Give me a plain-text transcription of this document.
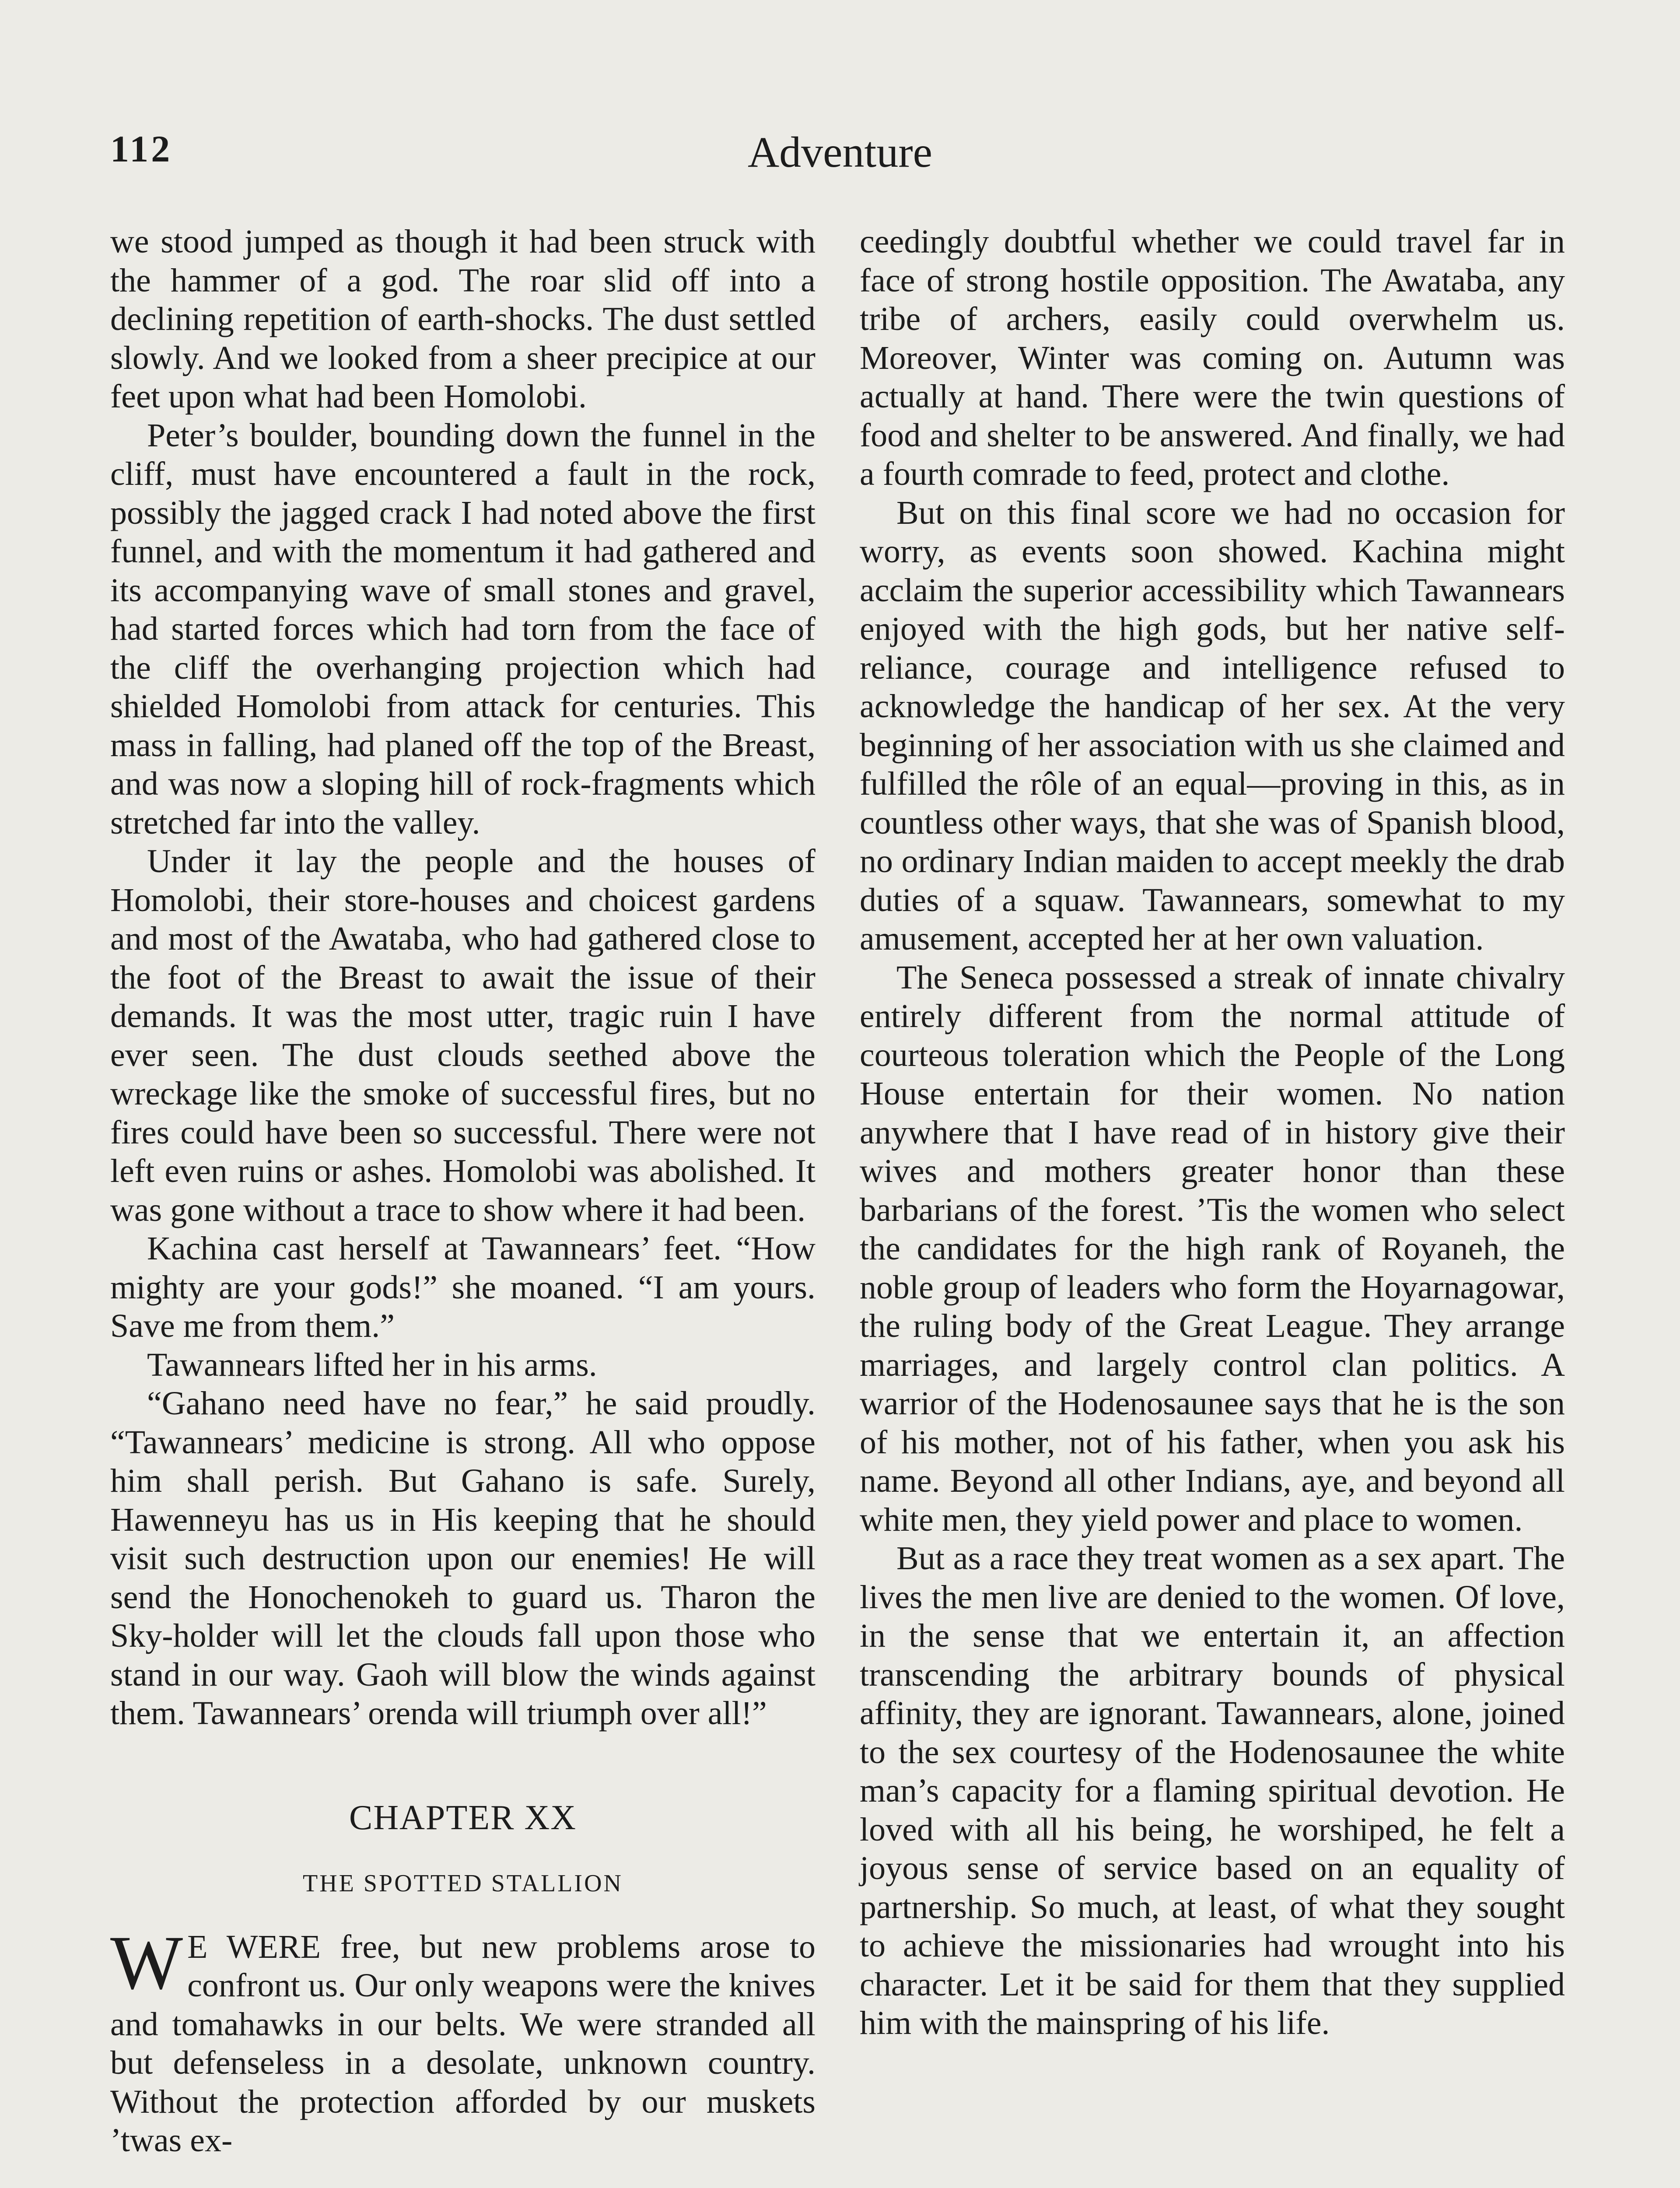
112	Adventure

we stood jumped as though it had been struck with the hammer of a god. The roar slid off into a declining repetition of earth-shocks. The dust settled slowly. And we looked from a sheer precipice at our feet upon what had been Homolobi.

Peter’s boulder, bounding down the funnel in the cliff, must have encountered a fault in the rock, possibly the jagged crack I had noted above the first funnel, and with the momentum it had gathered and its accompanying wave of small stones and gravel, had started forces which had torn from the face of the cliff the overhanging projection which had shielded Homolobi from attack for centuries. This mass in falling, had planed off the top of the Breast, and was now a sloping hill of rock-fragments which stretched far into the valley.

Under it lay the people and the houses of Homolobi, their store-houses and choicest gardens and most of the Awataba, who had gathered close to the foot of the Breast to await the issue of their demands. It was the most utter, tragic ruin I have ever seen. The dust clouds seethed above the wreckage like the smoke of successful fires, but no fires could have been so successful. There were not left even ruins or ashes. Homolobi was abolished. It was gone without a trace to show where it had been.

Kachina cast herself at Tawannears’ feet. “How mighty are your gods!” she moaned. “I am yours. Save me from them.”

Tawannears lifted her in his arms.

“Gahano need have no fear,” he said proudly. “Tawannears’ medicine is strong. All who oppose him shall perish. But Gahano is safe. Surely, Hawenneyu has us in His keeping that he should visit such destruction upon our enemies! He will send the Honochenokeh to guard us. Tharon the Sky-holder will let the clouds fall upon those who stand in our way. Gaoh will blow the winds against them. Tawannears’ orenda will triumph over all!”

CHAPTER XX
THE SPOTTED STALLION

W E WERE free, but new problems arose to confront us. Our only weapons were the knives and tomahawks in our belts. We were stranded all but defenseless in a desolate, unknown country. Without the protection afforded by our muskets ’twas ex-

ceedingly doubtful whether we could travel far in face of strong hostile opposition. The Awataba, any tribe of archers, easily could overwhelm us. Moreover, Winter was coming on. Autumn was actually at hand. There were the twin questions of food and shelter to be answered. And finally, we had a fourth comrade to feed, protect and clothe.

But on this final score we had no occasion for worry, as events soon showed. Kachina might acclaim the superior accessibility which Tawannears enjoyed with the high gods, but her native self-reliance, courage and intelligence refused to acknowledge the handicap of her sex. At the very beginning of her association with us she claimed and fulfilled the rôle of an equal—proving in this, as in countless other ways, that she was of Spanish blood, no ordinary Indian maiden to accept meekly the drab duties of a squaw. Tawannears, somewhat to my amusement, accepted her at her own valuation.

The Seneca possessed a streak of innate chivalry entirely different from the normal attitude of courteous toleration which the People of the Long House entertain for their women. No nation anywhere that I have read of in history give their wives and mothers greater honor than these barbarians of the forest. ’Tis the women who select the candidates for the high rank of Royaneh, the noble group of leaders who form the Hoyarnagowar, the ruling body of the Great League. They arrange marriages, and largely control clan politics. A warrior of the Hodenosaunee says that he is the son of his mother, not of his father, when you ask his name. Beyond all other Indians, aye, and beyond all white men, they yield power and place to women.

But as a race they treat women as a sex apart. The lives the men live are denied to the women. Of love, in the sense that we entertain it, an affection transcending the arbitrary bounds of physical affinity, they are ignorant. Tawannears, alone, joined to the sex courtesy of the Hodenosaunee the white man’s capacity for a flaming spiritual devotion. He loved with all his being, he worshiped, he felt a joyous sense of service based on an equality of partnership. So much, at least, of what they sought to achieve the missionaries had wrought into his character. Let it be said for them that they supplied him with the mainspring of his life.
